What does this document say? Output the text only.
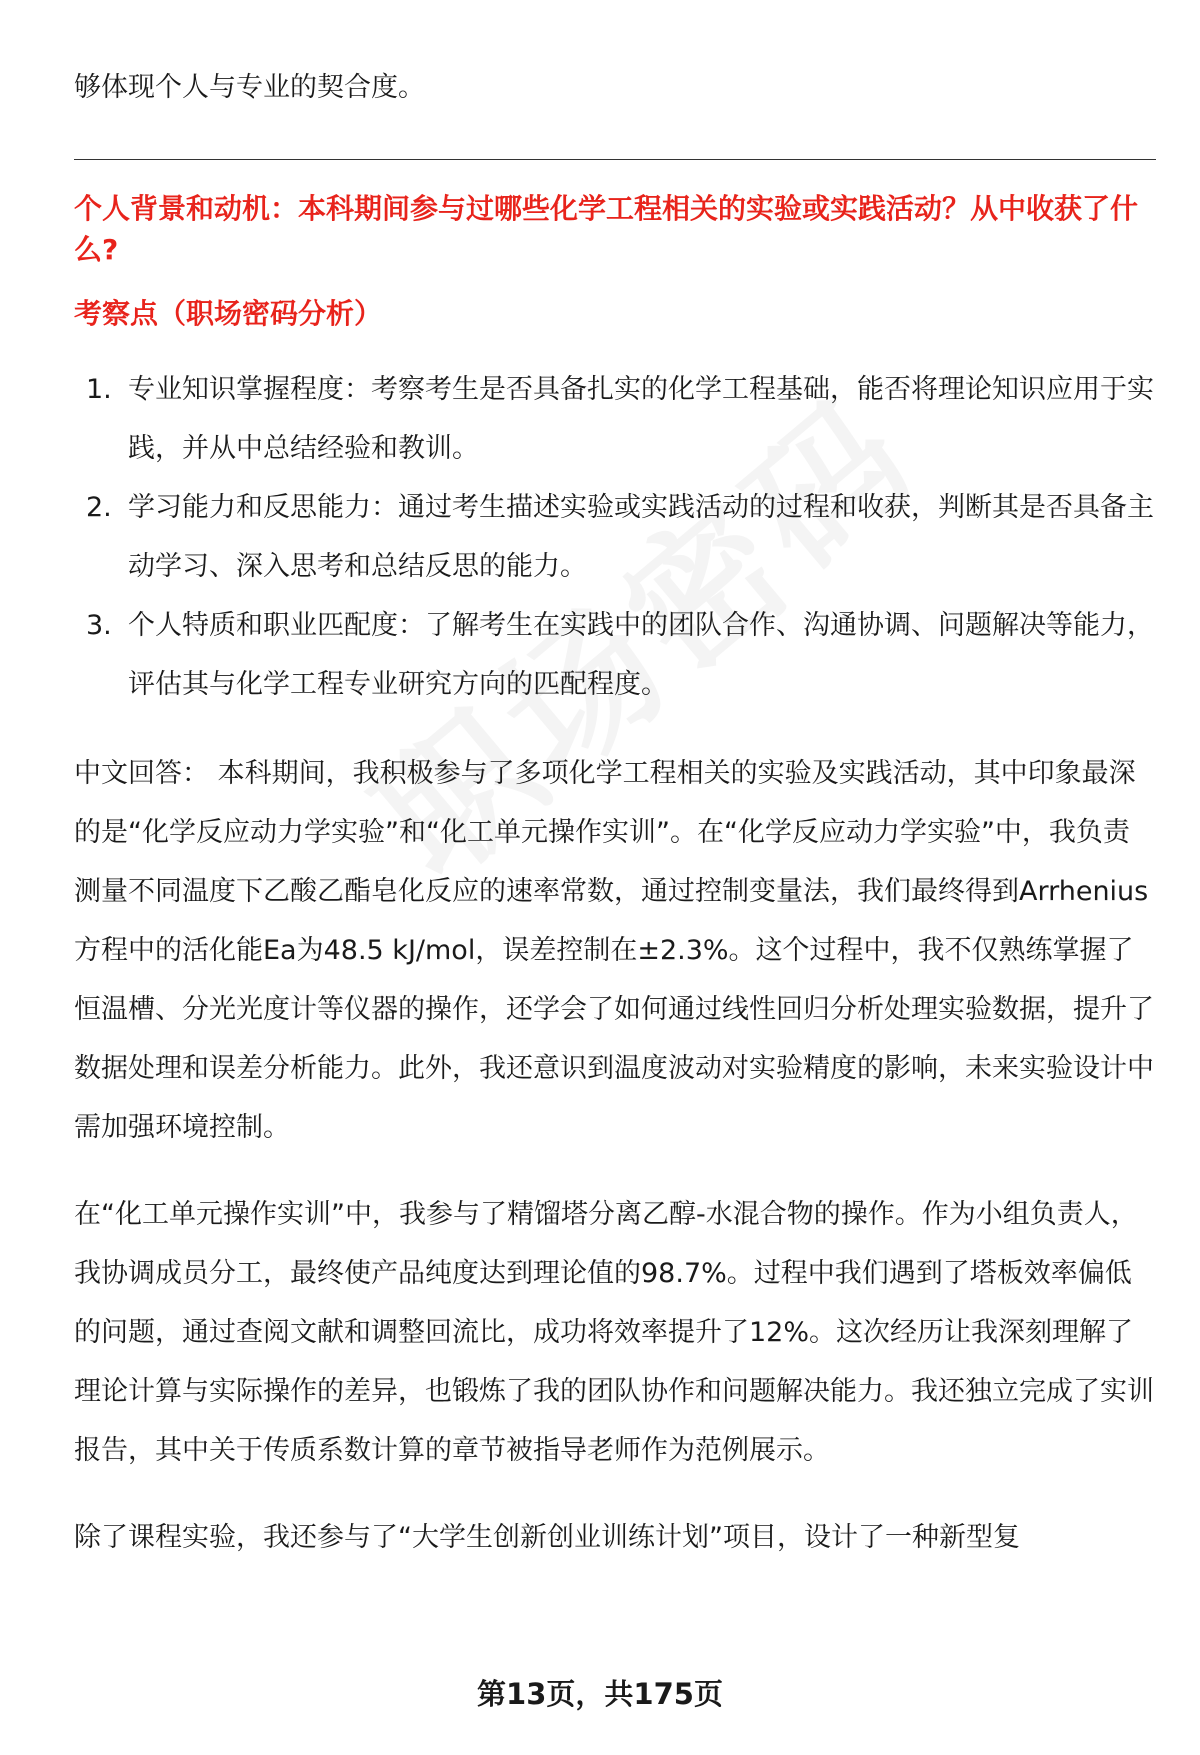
够体现个人与专业的契合度。

个人背景和动机：本科期间参与过哪些化学工程相关的实验或实践活动？从中收获了什么?
考察点（职场密码分析）
1. 专业知识掌握程度：考察考生是否具备扎实的化学工程基础，能否将理论知识应用于实践，并从中总结经验和教训。
2. 学习能力和反思能力：通过考生描述实验或实践活动的过程和收获，判断其是否具备主动学习、深入思考和总结反思的能力。
3. 个人特质和职业匹配度：了解考生在实践中的团队合作、沟通协调、问题解决等能力，评估其与化学工程专业研究方向的匹配程度。

中文回答： 本科期间，我积极参与了多项化学工程相关的实验及实践活动，其中印象最深的是“化学反应动力学实验”和“化工单元操作实训”。在“化学反应动力学实验”中，我负责测量不同温度下乙酸乙酯皂化反应的速率常数，通过控制变量法，我们最终得到Arrhenius方程中的活化能Ea为48.5 kJ/mol，误差控制在±2.3%。这个过程中，我不仅熟练掌握了恒温槽、分光光度计等仪器的操作，还学会了如何通过线性回归分析处理实验数据，提升了数据处理和误差分析能力。此外，我还意识到温度波动对实验精度的影响，未来实验设计中需加强环境控制。

在“化工单元操作实训”中，我参与了精馏塔分离乙醇-水混合物的操作。作为小组负责人，我协调成员分工，最终使产品纯度达到理论值的98.7%。过程中我们遇到了塔板效率偏低的问题，通过查阅文献和调整回流比，成功将效率提升了12%。这次经历让我深刻理解了理论计算与实际操作的差异，也锻炼了我的团队协作和问题解决能力。我还独立完成了实训报告，其中关于传质系数计算的章节被指导老师作为范例展示。

除了课程实验，我还参与了“大学生创新创业训练计划”项目，设计了一种新型复

第13页，共175页
